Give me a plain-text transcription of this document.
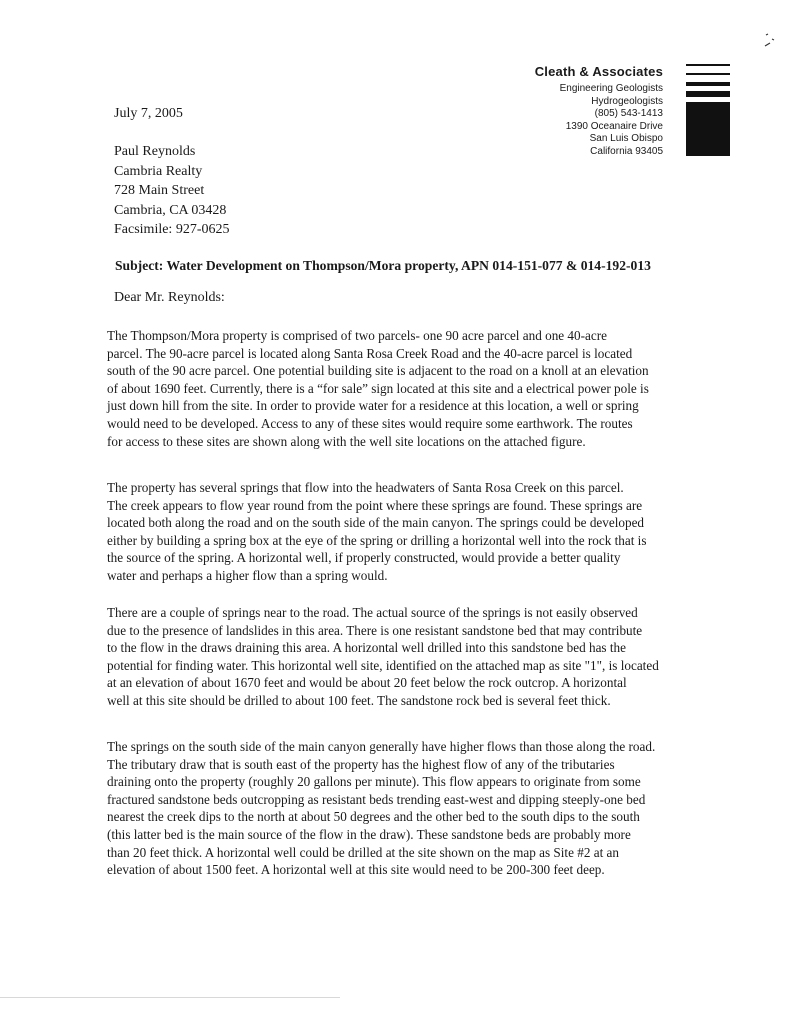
Cleath & Associates
Engineering Geologists
Hydrogeologists
(805) 543-1413
1390 Oceanaire Drive
San Luis Obispo
California 93405
July 7, 2005
Paul Reynolds
Cambria Realty
728 Main Street
Cambria, CA 03428
Facsimile: 927-0625
Subject: Water Development on Thompson/Mora property, APN 014-151-077 & 014-192-013
Dear Mr. Reynolds:
The Thompson/Mora property is comprised of two parcels- one 90 acre parcel and one 40-acre
parcel. The 90-acre parcel is located along Santa Rosa Creek Road and the 40-acre parcel is located
south of the 90 acre parcel. One potential building site is adjacent to the road on a knoll at an elevation
of about 1690 feet. Currently, there is a “for sale” sign located at this site and a electrical power pole is
just down hill from the site. In order to provide water for a residence at this location, a well or spring
would need to be developed. Access to any of these sites would require some earthwork. The routes
for access to these sites are shown along with the well site locations on the attached figure.
The property has several springs that flow into the headwaters of Santa Rosa Creek on this parcel.
The creek appears to flow year round from the point where these springs are found. These springs are
located both along the road and on the south side of the main canyon. The springs could be developed
either by building a spring box at the eye of the spring or drilling a horizontal well into the rock that is
the source of the spring. A horizontal well, if properly constructed, would provide a better quality
water and perhaps a higher flow than a spring would.
There are a couple of springs near to the road. The actual source of the springs is not easily observed
due to the presence of landslides in this area. There is one resistant sandstone bed that may contribute
to the flow in the draws draining this area. A horizontal well drilled into this sandstone bed has the
potential for finding water. This horizontal well site, identified on the attached map as site "1", is located
at an elevation of about 1670 feet and would be about 20 feet below the rock outcrop. A horizontal
well at this site should be drilled to about 100 feet. The sandstone rock bed is several feet thick.
The springs on the south side of the main canyon generally have higher flows than those along the road.
The tributary draw that is south east of the property has the highest flow of any of the tributaries
draining onto the property (roughly 20 gallons per minute). This flow appears to originate from some
fractured sandstone beds outcropping as resistant beds trending east-west and dipping steeply-one bed
nearest the creek dips to the north at about 50 degrees and the other bed to the south dips to the south
(this latter bed is the main source of the flow in the draw). These sandstone beds are probably more
than 20 feet thick. A horizontal well could be drilled at the site shown on the map as Site #2 at an
elevation of about 1500 feet. A horizontal well at this site would need to be 200-300 feet deep.
